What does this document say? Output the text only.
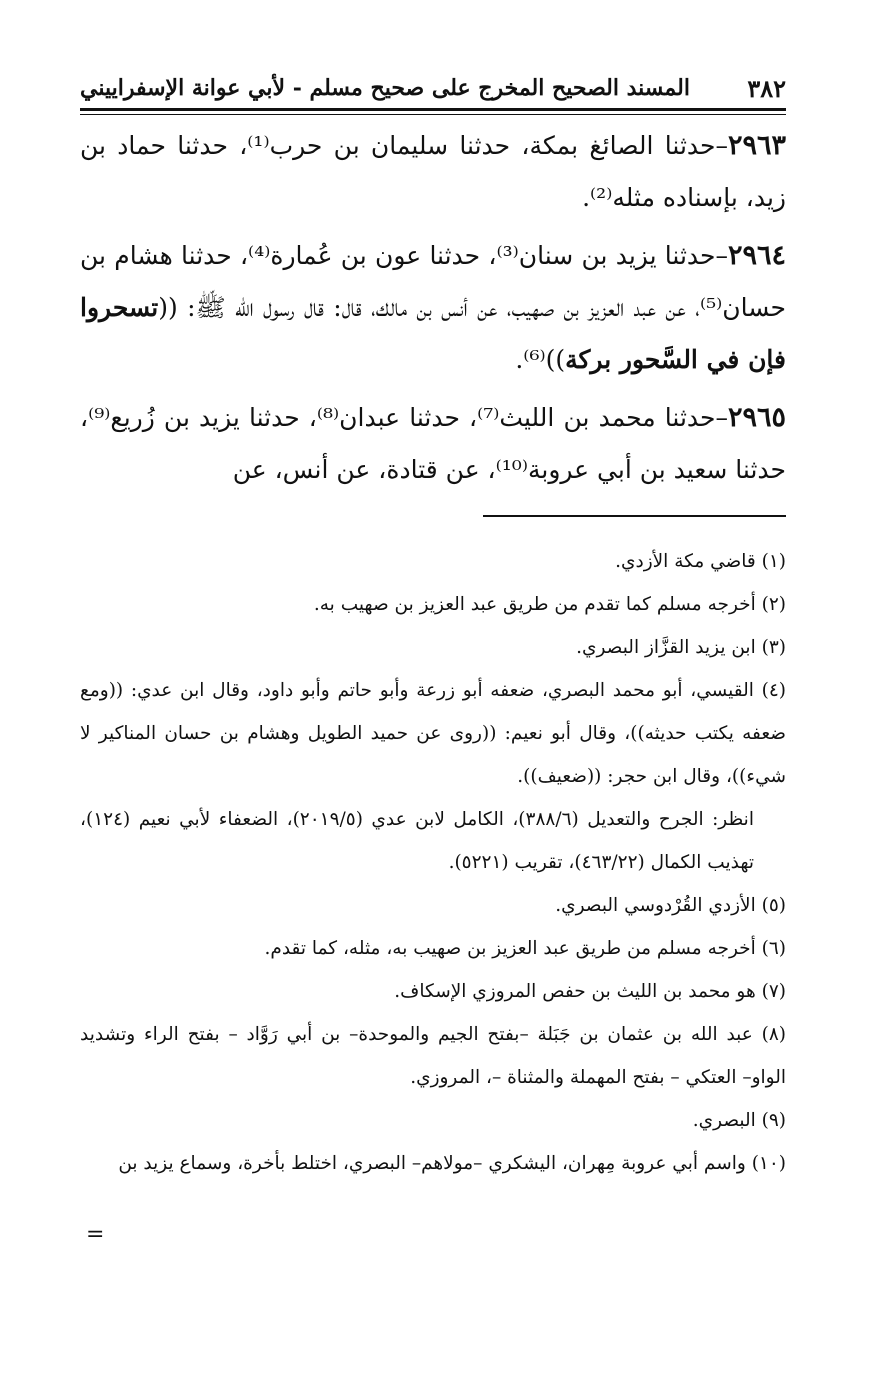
٣٨٢
المسند الصحيح المخرج على صحيح مسلم - لأبي عوانة الإسفراييني

٢٩٦٣–حدثنا الصائغ بمكة، حدثنا سليمان بن حرب⁽¹⁾، حدثنا حماد بن زيد، بإسناده مثله⁽²⁾.

٢٩٦٤–حدثنا يزيد بن سنان⁽³⁾، حدثنا عون بن عُمارة⁽⁴⁾، حدثنا هشام بن حسان⁽⁵⁾، عن عبد العزيز بن صهيب، عن أنس بن مالك، قال: قال رسول الله ﷺ: ((تسحروا فإن في السَّحور بركة))⁽⁶⁾.

٢٩٦٥–حدثنا محمد بن الليث⁽⁷⁾، حدثنا عبدان⁽⁸⁾، حدثنا يزيد بن زُريع⁽⁹⁾، حدثنا سعيد بن أبي عروبة⁽¹⁰⁾، عن قتادة، عن أنس، عن

(١) قاضي مكة الأزدي.

(٢) أخرجه مسلم كما تقدم من طريق عبد العزيز بن صهيب به.

(٣) ابن يزيد القزَّاز البصري.

(٤) القيسي، أبو محمد البصري، ضعفه أبو زرعة وأبو حاتم وأبو داود، وقال ابن عدي: ((ومع ضعفه يكتب حديثه))، وقال أبو نعيم: ((روى عن حميد الطويل وهشام بن حسان المناكير لا شيء))، وقال ابن حجر: ((ضعيف)).

انظر: الجرح والتعديل (٣٨٨/٦)، الكامل لابن عدي (٢٠١٩/٥)، الضعفاء لأبي نعيم (١٢٤)، تهذيب الكمال (٤٦٣/٢٢)، تقريب (٥٢٢١).

(٥) الأزدي القُرْدوسي البصري.

(٦) أخرجه مسلم من طريق عبد العزيز بن صهيب به، مثله، كما تقدم.

(٧) هو محمد بن الليث بن حفص المروزي الإسكاف.

(٨) عبد الله بن عثمان بن جَبَلة –بفتح الجيم والموحدة– بن أبي رَوَّاد – بفتح الراء وتشديد الواو– العتكي – بفتح المهملة والمثناة –، المروزي.

(٩) البصري.

(١٠) واسم أبي عروبة مِهران، اليشكري –مولاهم– البصري، اختلط بأخرة، وسماع يزيد بن

=
